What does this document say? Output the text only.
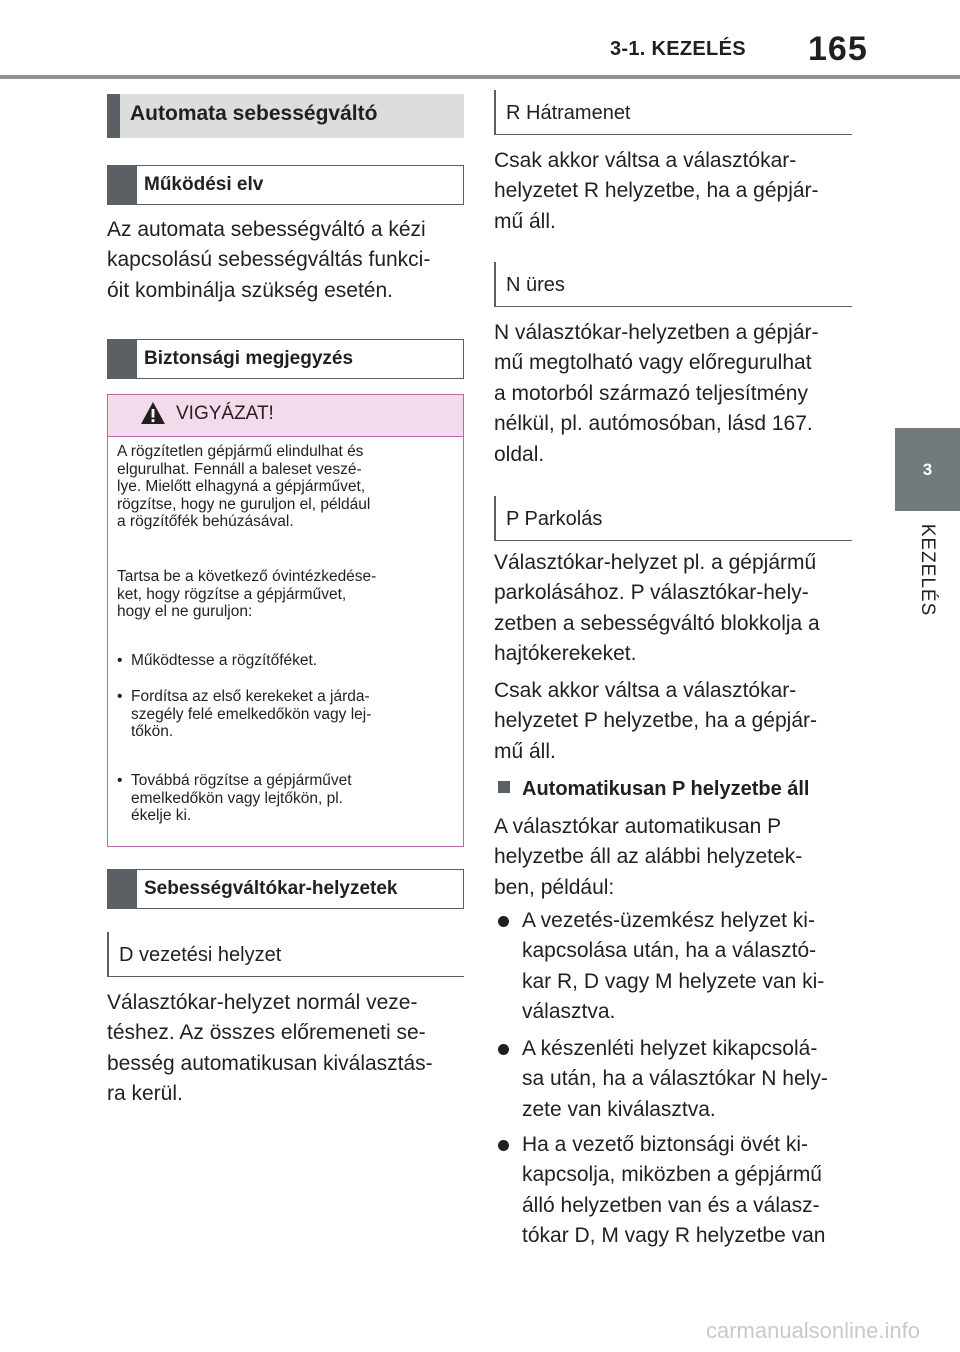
3-1. KEZELÉS 165
3
KEZELÉS
Automata sebességváltó
Működési elv
Az automata sebességváltó a kézi
kapcsolású sebességváltás funkci-
óit kombinálja szükség esetén.
Biztonsági megjegyzés
VIGYÁZAT!
A rögzítetlen gépjármű elindulhat és
elgurulhat. Fennáll a baleset veszé-
lye. Mielőtt elhagyná a gépjárművet,
rögzítse, hogy ne guruljon el, például
a rögzítőfék behúzásával.
Tartsa be a következő óvintézkedése-
ket, hogy rögzítse a gépjárművet,
hogy el ne guruljon:
• Működtesse a rögzítőféket.
• Fordítsa az első kerekeket a járda-
szegély felé emelkedőkön vagy lej-
tőkön.
• Továbbá rögzítse a gépjárművet
emelkedőkön vagy lejtőkön, pl.
ékelje ki.
Sebességváltókar-helyzetek
D vezetési helyzet
Választókar-helyzet normál veze-
téshez. Az összes előremeneti se-
besség automatikusan kiválasztás-
ra kerül.
R Hátramenet
Csak akkor váltsa a választókar-
helyzetet R helyzetbe, ha a gépjár-
mű áll.
N üres
N választókar-helyzetben a gépjár-
mű megtolható vagy előregurulhat
a motorból származó teljesítmény
nélkül, pl. autómosóban, lásd 167.
oldal.
P Parkolás
Választókar-helyzet pl. a gépjármű
parkolásához. P választókar-hely-
zetben a sebességváltó blokkolja a
hajtókerekeket.
Csak akkor váltsa a választókar-
helyzetet P helyzetbe, ha a gépjár-
mű áll.
Automatikusan P helyzetbe áll
A választókar automatikusan P
helyzetbe áll az alábbi helyzetek-
ben, például:
A vezetés-üzemkész helyzet ki-
kapcsolása után, ha a választó-
kar R, D vagy M helyzete van ki-
választva.
A készenléti helyzet kikapcsolá-
sa után, ha a választókar N hely-
zete van kiválasztva.
Ha a vezető biztonsági övét ki-
kapcsolja, miközben a gépjármű
álló helyzetben van és a válasz-
tókar D, M vagy R helyzetbe van
carmanualsonline.info
